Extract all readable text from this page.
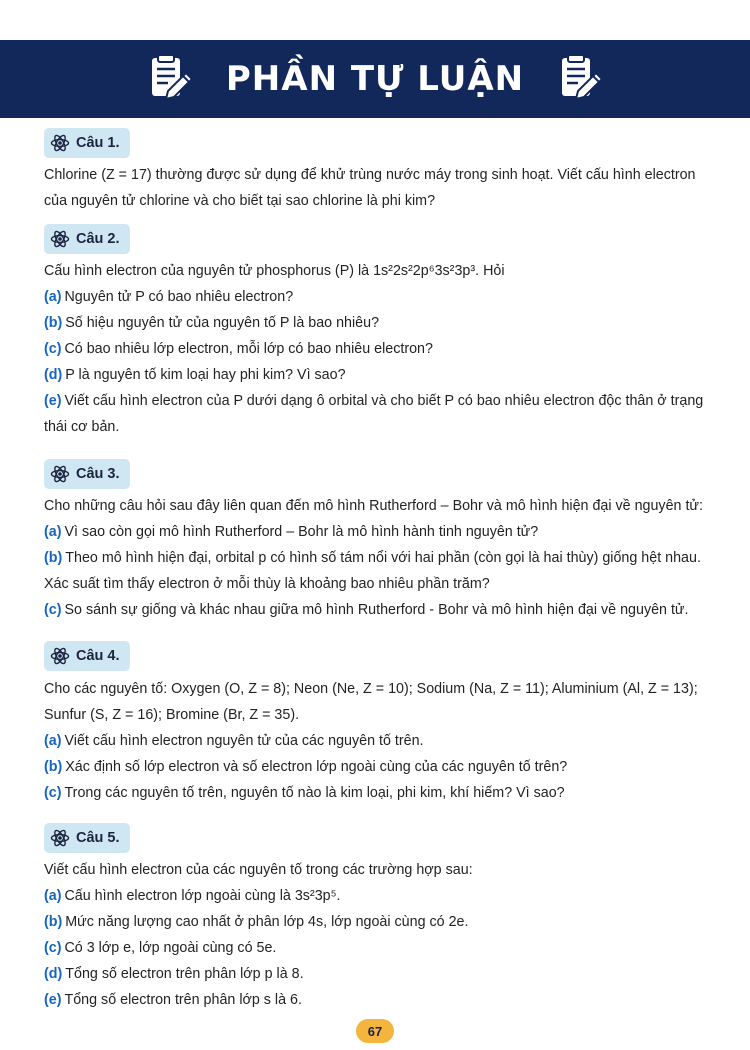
PHẦN TỰ LUẬN
Câu 1.

Chlorine (Z = 17) thường được sử dụng để khử trùng nước máy trong sinh hoạt. Viết cấu hình electron của nguyên tử chlorine và cho biết tại sao chlorine là phi kim?

Câu 2.

Cấu hình electron của nguyên tử phosphorus (P) là 1s²2s²2p⁶3s²3p³. Hỏi

(a) Nguyên tử P có bao nhiêu electron?

(b) Số hiệu nguyên tử của nguyên tố P là bao nhiêu?

(c) Có bao nhiêu lớp electron, mỗi lớp có bao nhiêu electron?

(d) P là nguyên tố kim loại hay phi kim? Vì sao?

(e) Viết cấu hình electron của P dưới dạng ô orbital và cho biết P có bao nhiêu electron độc thân ở trạng thái cơ bản.

Câu 3.

Cho những câu hỏi sau đây liên quan đến mô hình Rutherford – Bohr và mô hình hiện đại về nguyên tử:

(a) Vì sao còn gọi mô hình Rutherford – Bohr là mô hình hành tinh nguyên tử?

(b) Theo mô hình hiện đại, orbital p có hình số tám nổi với hai phần (còn gọi là hai thùy) giống hệt nhau. Xác suất tìm thấy electron ở mỗi thùy là khoảng bao nhiêu phần trăm?

(c) So sánh sự giống và khác nhau giữa mô hình Rutherford - Bohr và mô hình hiện đại về nguyên tử.

Câu 4.

Cho các nguyên tố: Oxygen (O, Z = 8); Neon (Ne, Z = 10); Sodium (Na, Z = 11); Aluminium (Al, Z = 13); Sunfur (S, Z = 16); Bromine (Br, Z = 35).

(a) Viết cấu hình electron nguyên tử của các nguyên tố trên.

(b) Xác định số lớp electron và số electron lớp ngoài cùng của các nguyên tố trên?

(c) Trong các nguyên tố trên, nguyên tố nào là kim loại, phi kim, khí hiếm? Vì sao?

Câu 5.

Viết cấu hình electron của các nguyên tố trong các trường hợp sau:

(a) Cấu hình electron lớp ngoài cùng là 3s²3p⁵.

(b) Mức năng lượng cao nhất ở phân lớp 4s, lớp ngoài cùng có 2e.

(c) Có 3 lớp e, lớp ngoài cùng có 5e.

(d) Tổng số electron trên phân lớp p là 8.

(e) Tổng số electron trên phân lớp s là 6.

67
